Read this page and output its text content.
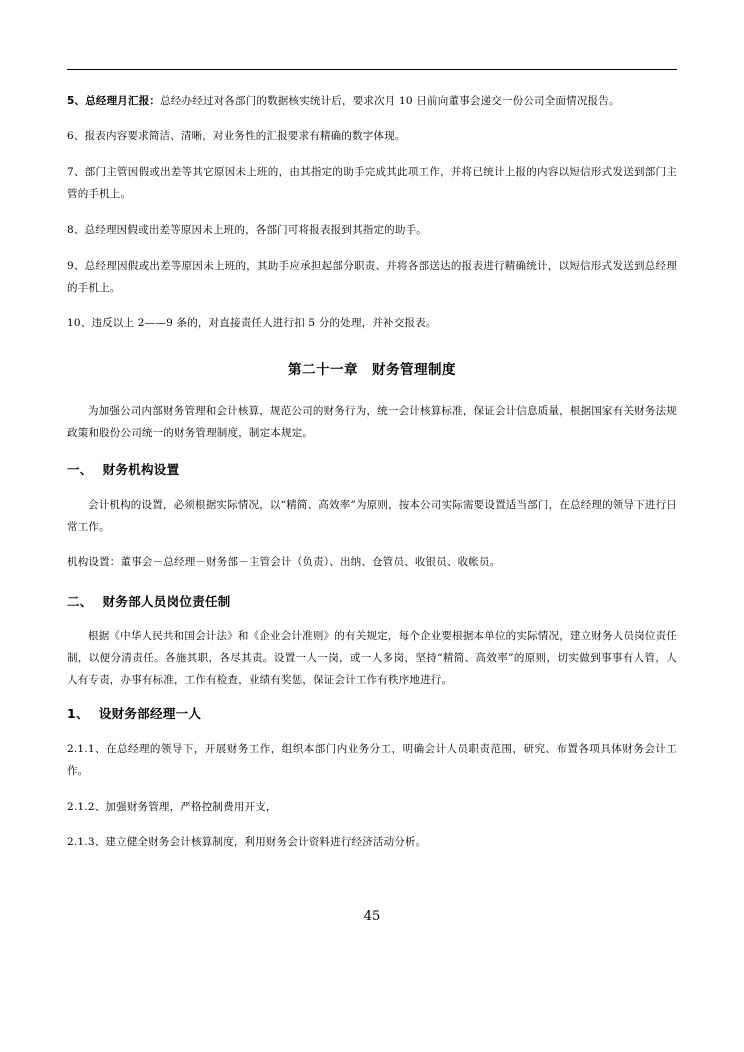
5、总经理月汇报：总经办经过对各部门的数据核实统计后，要求次月 10 日前向董事会递交一份公司全面情况报告。

6、报表内容要求简洁、清晰，对业务性的汇报要求有精确的数字体现。

7、部门主管因假或出差等其它原因未上班的，由其指定的助手完成其此项工作，并将已统计上报的内容以短信形式发送到部门主管的手机上。

8、总经理因假或出差等原因未上班的，各部门可将报表报到其指定的助手。

9、总经理因假或出差等原因未上班的，其助手应承担起部分职责、并将各部送达的报表进行精确统计，以短信形式发送到总经理的手机上。

10、违反以上 2——9 条的，对直接责任人进行扣 5 分的处理，并补交报表。

第二十一章 财务管理制度

为加强公司内部财务管理和会计核算，规范公司的财务行为，统一会计核算标准，保证会计信息质量，根据国家有关财务法规政策和股份公司统一的财务管理制度，制定本规定。

一、 财务机构设置

会计机构的设置，必须根据实际情况，以“精简、高效率”为原则，按本公司实际需要设置适当部门，在总经理的领导下进行日常工作。

机构设置：董事会－总经理－财务部－主管会计（负责）、出纳、仓管员、收银员、收帐员。

二、 财务部人员岗位责任制

根据《中华人民共和国会计法》和《企业会计准则》的有关规定，每个企业要根据本单位的实际情况，建立财务人员岗位责任制，以便分清责任。各施其职，各尽其责。设置一人一岗，或一人多岗，坚持“精简、高效率”的原则，切实做到事事有人管，人人有专责，办事有标准，工作有检查，业绩有奖惩，保证会计工作有秩序地进行。

1、 设财务部经理一人

2.1.1、在总经理的领导下，开展财务工作，组织本部门内业务分工，明确会计人员职责范围，研究、布置各项具体财务会计工作。

2.1.2、加强财务管理，严格控制费用开支，

2.1.3、建立健全财务会计核算制度，利用财务会计资料进行经济活动分析。

45
